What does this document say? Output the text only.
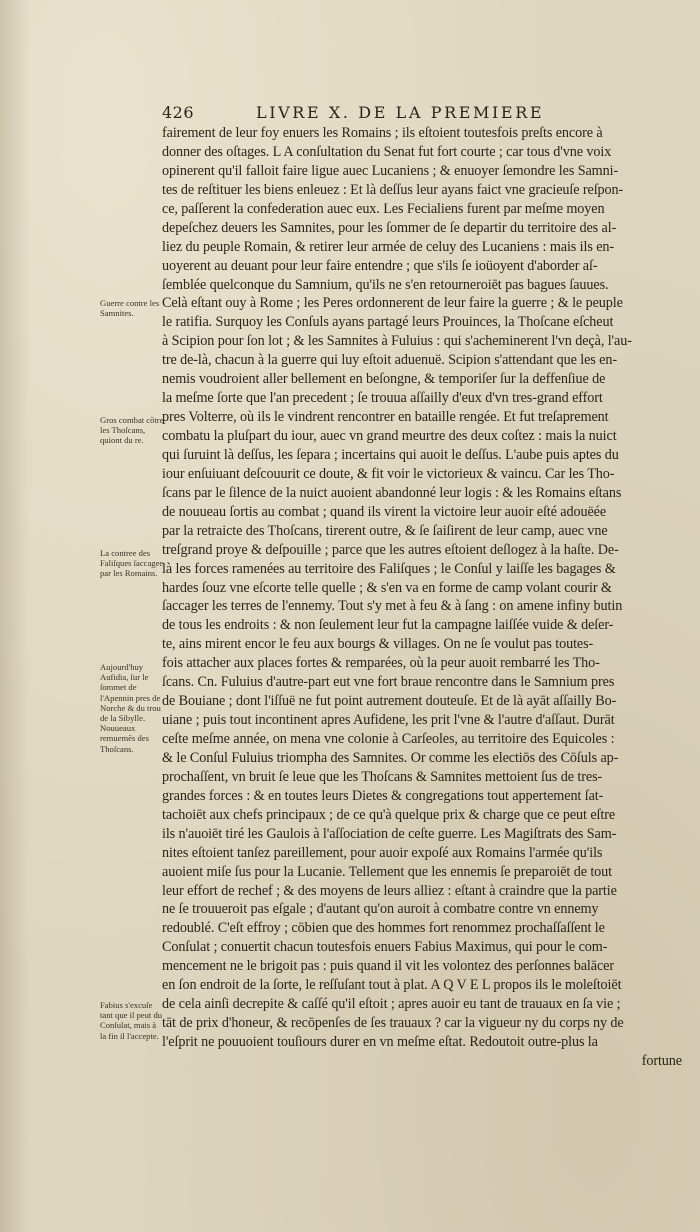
426	LIVRE X. DE LA PREMIERE
Guerre contre les Samnites.
Gros combat cōtre les Thoſcans, quiont du re.
La contree des Faliſques ſaccagee par les Romains.
Aujourd'huy Aufidia, ſur le ſommet de l'Apennin pres de Norche & du trou de la Sibylle. Nouueaux remuemēs des Thoſcans.
Fabius s'excuſe tant que il peut du Conſulat, mais à la fin il l'accepte.
fairement de leur foy enuers les Romains ; ils eſtoient toutesfois preſts encore à
donner des oſtages. L A conſultation du Senat fut fort courte ; car tous d'vne voix
opinerent qu'il falloit faire ligue auec Lucaniens ; & enuoyer ſemondre les Samni-
tes de reſtituer les biens enleuez : Et là deſſus leur ayans faict vne gracieuſe reſpon-
ce, paſſerent la confederation auec eux. Les Fecialiens furent par meſme moyen
depeſchez deuers les Samnites, pour les ſommer de ſe departir du territoire des al-
liez du peuple Romain, & retirer leur armée de celuy des Lucaniens : mais ils en-
uoyerent au deuant pour leur faire entendre ; que s'ils ſe ioüoyent d'aborder aſ-
ſemblée quelconque du Samnium, qu'ils ne s'en retourneroiēt pas bagues ſauues.
Celà eſtant ouy à Rome ; les Peres ordonnerent de leur faire la guerre ; & le peuple
le ratifia. Surquoy les Conſuls ayans partagé leurs Prouinces, la Thoſcane eſcheut
à Scipion pour ſon lot ; & les Samnites à Fuluius : qui s'acheminerent l'vn deçà, l'au-
tre de-là, chacun à la guerre qui luy eſtoit aduenuë. Scipion s'attendant que les en-
nemis voudroient aller bellement en beſongne, & temporiſer ſur la deffenſiue de
la meſme ſorte que l'an precedent ; ſe trouua aſſailly d'eux d'vn tres-grand effort
pres Volterre, où ils le vindrent rencontrer en bataille rengée. Et fut treſaprement
combatu la pluſpart du iour, auec vn grand meurtre des deux coſtez : mais la nuict
qui ſuruint là deſſus, les ſepara ; incertains qui auoit le deſſus. L'aube puis aptes du
iour enſuiuant deſcouurit ce doute, & fit voir le victorieux & vaincu. Car les Tho-
ſcans par le ſilence de la nuict auoient abandonné leur logis : & les Romains eſtans
de nouueau ſortis au combat ; quand ils virent la victoire leur auoir eſté adouëée
par la retraicte des Thoſcans, tirerent outre, & ſe ſaiſirent de leur camp, auec vne
treſgrand proye & deſpouille ; parce que les autres eſtoient deſlogez à la haſte. De-
là les forces ramenées au territoire des Faliſques ; le Conſul y laiſſe les bagages &
hardes ſouz vne eſcorte telle quelle ; & s'en va en forme de camp volant courir &
ſaccager les terres de l'ennemy. Tout s'y met à feu & à ſang : on amene infiny butin
de tous les endroits : & non ſeulement leur fut la campagne laiſſée vuide & deſer-
te, ains mirent encor le feu aux bourgs & villages. On ne ſe voulut pas toutes-
fois attacher aux places fortes & remparées, où la peur auoit rembarré les Tho-
ſcans. Cn. Fuluius d'autre-part eut vne fort braue rencontre dans le Samnium pres
de Bouiane ; dont l'iſſuë ne fut point autrement douteuſe. Et de là ayāt aſſailly Bo-
uiane ; puis tout incontinent apres Aufidene, les prit l'vne & l'autre d'aſſaut. Durāt
ceſte meſme année, on mena vne colonie à Carſeoles, au territoire des Equicoles :
& le Conſul Fuluius triompha des Samnites. Or comme les electiōs des Cōſuls ap-
prochaſſent, vn bruit ſe leue que les Thoſcans & Samnites mettoient ſus de tres-
grandes forces : & en toutes leurs Dietes & congregations tout appertement ſat-
tachoiēt aux chefs principaux ; de ce qu'à quelque prix & charge que ce peut eſtre
ils n'auoiēt tiré les Gaulois à l'aſſociation de ceſte guerre. Les Magiſtrats des Sam-
nites eſtoient tanſez pareillement, pour auoir expoſé aux Romains l'armée qu'ils
auoient miſe ſus pour la Lucanie. Tellement que les ennemis ſe preparoiēt de tout
leur effort de rechef ; & des moyens de leurs alliez : eſtant à craindre que la partie
ne ſe trouueroit pas eſgale ; d'autant qu'on auroit à combatre contre vn ennemy
redoublé. C'eſt effroy ; cōbien que des hommes fort renommez prochaſſaſſent le
Conſulat ; conuertit chacun toutesfois enuers Fabius Maximus, qui pour le com-
mencement ne le brigoit pas : puis quand il vit les volontez des perſonnes balācer
en ſon endroit de la ſorte, le reſſuſant tout à plat. A Q V E L propos ils le moleſtoiēt
de cela ainſi decrepite & caſſé qu'il eſtoit ; apres auoir eu tant de trauaux en ſa vie ;
tāt de prix d'honeur, & recōpenſes de ſes trauaux ? car la vigueur ny du corps ny de
l'eſprit ne pouuoient touſiours durer en vn meſme eſtat. Redoutoit outre-plus la
fortune
